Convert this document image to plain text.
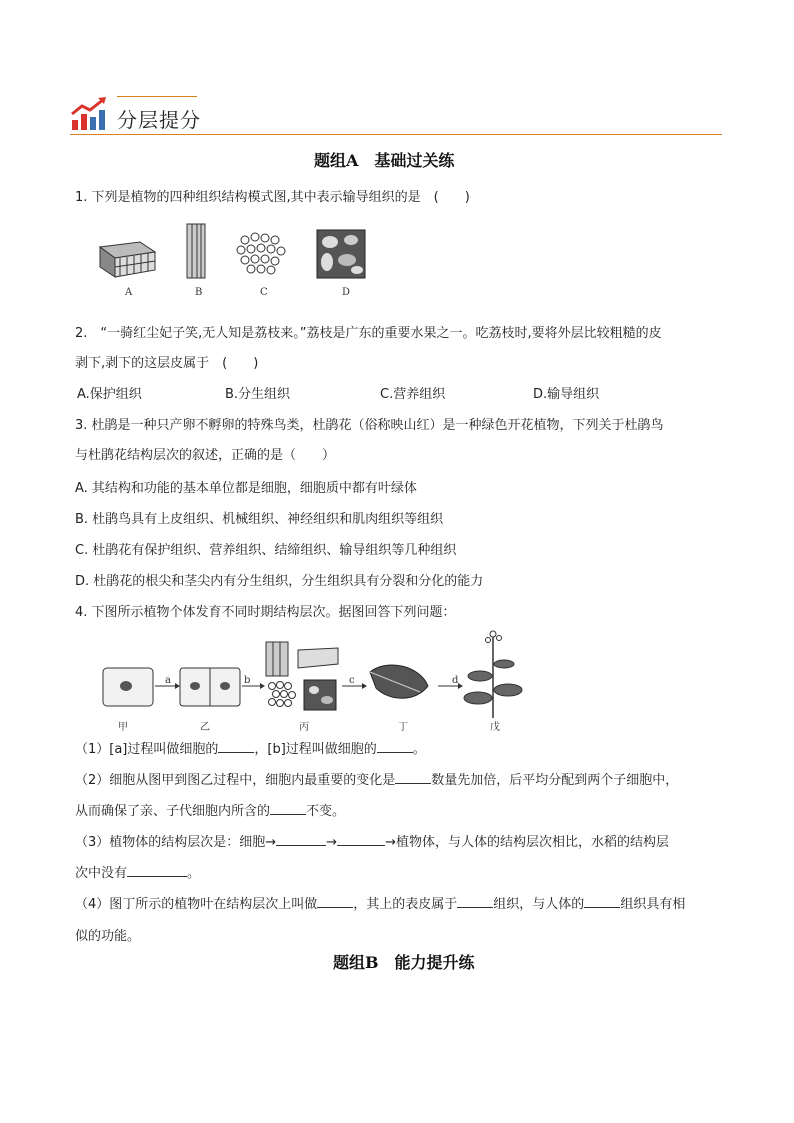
分层提分
题组A　基础过关练
1. 下列是植物的四种组织结构模式图,其中表示输导组织的是　(　　)
A	B	C	D
2.　“一骑红尘妃子笑,无人知是荔枝来。”荔枝是广东的重要水果之一。吃荔枝时,要将外层比较粗糙的皮
剥下,剥下的这层皮属于　(　　)
A.保护组织	B.分生组织	C.营养组织	D.输导组织
3. 杜鹃是一种只产卵不孵卵的特殊鸟类，杜鹃花（俗称映山红）是一种绿色开花植物，下列关于杜鹃鸟
与杜鹃花结构层次的叙述，正确的是（　　）
A. 其结构和功能的基本单位都是细胞，细胞质中都有叶绿体
B. 杜鹃鸟具有上皮组织、机械组织、神经组织和肌肉组织等组织
C. 杜鹃花有保护组织、营养组织、结缔组织、输导组织等几种组织
D. 杜鹃花的根尖和茎尖内有分生组织，分生组织具有分裂和分化的能力
4. 下图所示植物个体发育不同时期结构层次。据图回答下列问题：
a	b	c	d
甲	乙	丙	丁	戊
（1）[a]过程叫做细胞的	，[b]过程叫做细胞的	。
（2）细胞从图甲到图乙过程中，细胞内最重要的变化是	数量先加倍，后平均分配到两个子细胞中，
从而确保了亲、子代细胞内所含的	不变。
（3）植物体的结构层次是：细胞→	→	→植物体，与人体的结构层次相比，水稻的结构层
次中没有	。
（4）图丁所示的植物叶在结构层次上叫做	，其上的表皮属于	组织，与人体的	组织具有相
似的功能。
题组B　能力提升练
